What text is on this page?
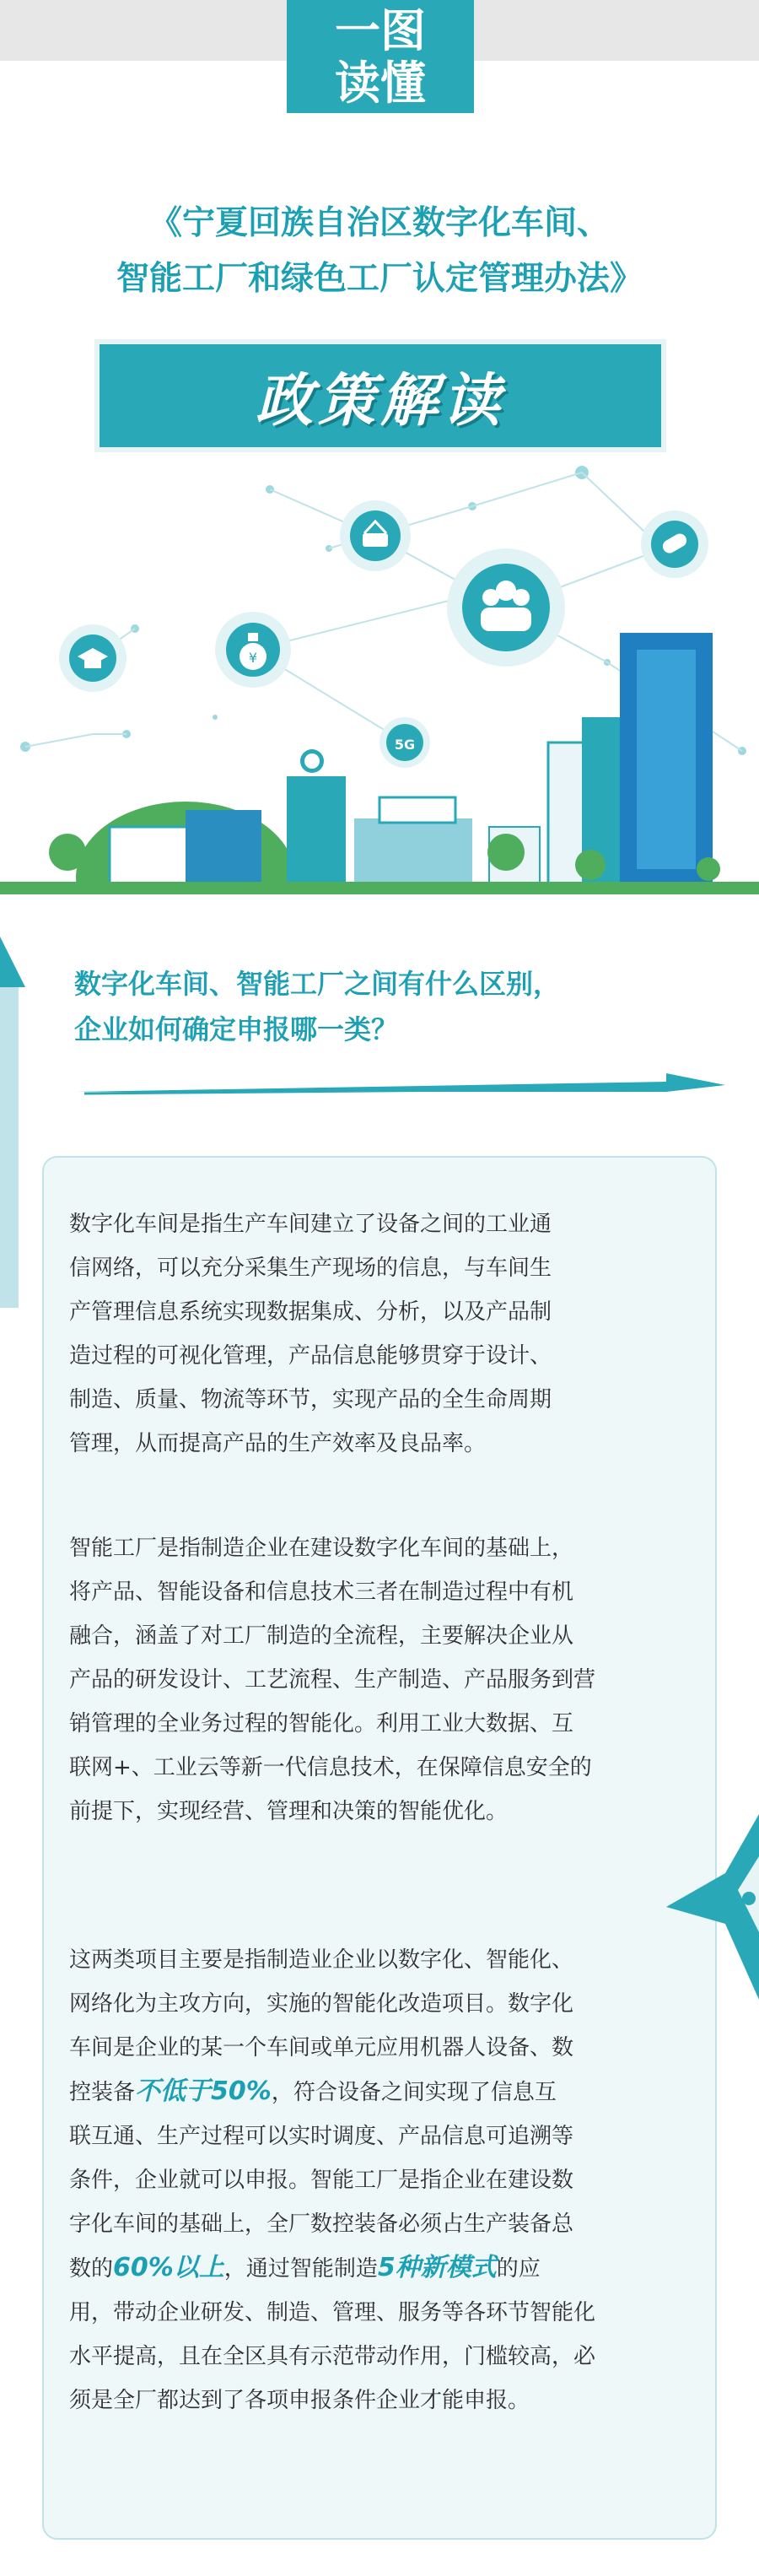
一图
读懂
《宁夏回族自治区数字化车间、
智能工厂和绿色工厂认定管理办法》
政策解读
¥
5G
数字化车间、智能工厂之间有什么区别，
企业如何确定申报哪一类？
数字化车间是指生产车间建立了设备之间的工业通
信网络，可以充分采集生产现场的信息，与车间生
产管理信息系统实现数据集成、分析，以及产品制
造过程的可视化管理，产品信息能够贯穿于设计、
制造、质量、物流等环节，实现产品的全生命周期
管理，从而提高产品的生产效率及良品率。
智能工厂是指制造企业在建设数字化车间的基础上，
将产品、智能设备和信息技术三者在制造过程中有机
融合，涵盖了对工厂制造的全流程，主要解决企业从
产品的研发设计、工艺流程、生产制造、产品服务到营
销管理的全业务过程的智能化。利用工业大数据、互
联网+、工业云等新一代信息技术，在保障信息安全的
前提下，实现经营、管理和决策的智能优化。
这两类项目主要是指制造业企业以数字化、智能化、
网络化为主攻方向，实施的智能化改造项目。数字化
车间是企业的某一个车间或单元应用机器人设备、数
控装备不低于50%，符合设备之间实现了信息互
联互通、生产过程可以实时调度、产品信息可追溯等
条件，企业就可以申报。智能工厂是指企业在建设数
字化车间的基础上，全厂数控装备必须占生产装备总
数的60%以上，通过智能制造5种新模式的应
用，带动企业研发、制造、管理、服务等各环节智能化
水平提高，且在全区具有示范带动作用，门槛较高，必
须是全厂都达到了各项申报条件企业才能申报。
